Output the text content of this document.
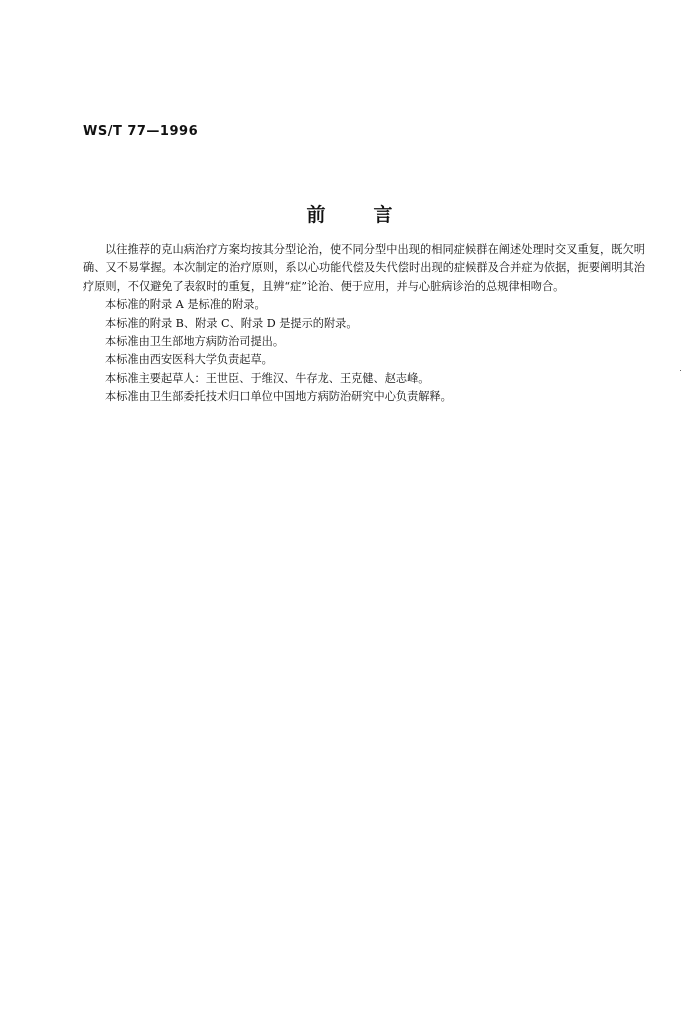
WS/T 77—1996
前	言

以往推荐的克山病治疗方案均按其分型论治，使不同分型中出现的相同症候群在阐述处理时交叉重复，既欠明确、又不易掌握。本次制定的治疗原则，系以心功能代偿及失代偿时出现的症候群及合并症为依据，扼要阐明其治疗原则，不仅避免了表叙时的重复，且辨“症”论治、便于应用，并与心脏病诊治的总规律相吻合。

本标准的附录 A 是标准的附录。

本标准的附录 B、附录 C、附录 D 是提示的附录。

本标准由卫生部地方病防治司提出。

本标准由西安医科大学负责起草。

本标准主要起草人：王世臣、于维汉、牛存龙、王克健、赵志峰。

本标准由卫生部委托技术归口单位中国地方病防治研究中心负责解释。
